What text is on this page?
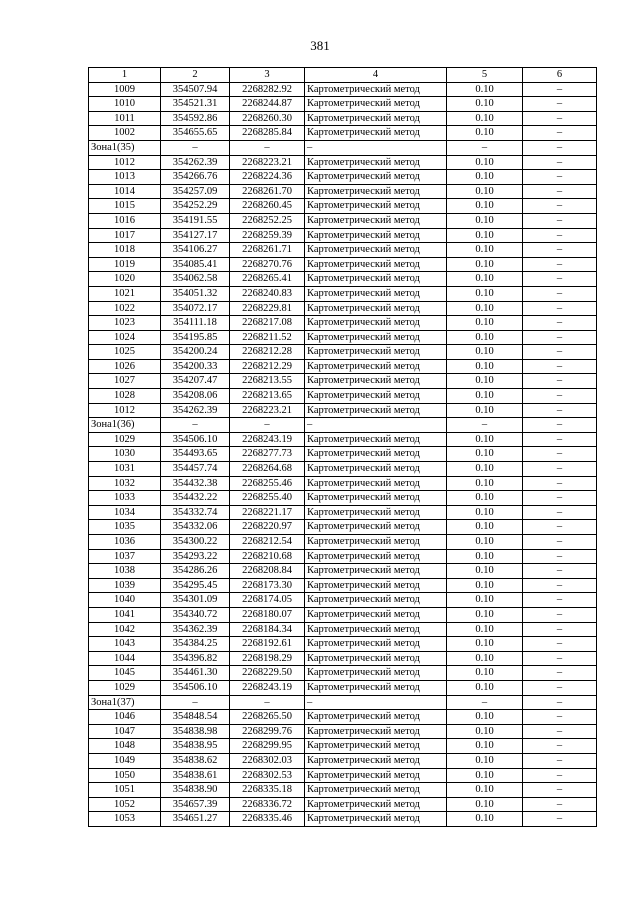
381
1	2	3	4	5	6
1009	354507.94	2268282.92	Картометрический метод	0.10	–
1010	354521.31	2268244.87	Картометрический метод	0.10	–
1011	354592.86	2268260.30	Картометрический метод	0.10	–
1002	354655.65	2268285.84	Картометрический метод	0.10	–
Зона1(35)	–	–	–	–	–
1012	354262.39	2268223.21	Картометрический метод	0.10	–
1013	354266.76	2268224.36	Картометрический метод	0.10	–
1014	354257.09	2268261.70	Картометрический метод	0.10	–
1015	354252.29	2268260.45	Картометрический метод	0.10	–
1016	354191.55	2268252.25	Картометрический метод	0.10	–
1017	354127.17	2268259.39	Картометрический метод	0.10	–
1018	354106.27	2268261.71	Картометрический метод	0.10	–
1019	354085.41	2268270.76	Картометрический метод	0.10	–
1020	354062.58	2268265.41	Картометрический метод	0.10	–
1021	354051.32	2268240.83	Картометрический метод	0.10	–
1022	354072.17	2268229.81	Картометрический метод	0.10	–
1023	354111.18	2268217.08	Картометрический метод	0.10	–
1024	354195.85	2268211.52	Картометрический метод	0.10	–
1025	354200.24	2268212.28	Картометрический метод	0.10	–
1026	354200.33	2268212.29	Картометрический метод	0.10	–
1027	354207.47	2268213.55	Картометрический метод	0.10	–
1028	354208.06	2268213.65	Картометрический метод	0.10	–
1012	354262.39	2268223.21	Картометрический метод	0.10	–
Зона1(36)	–	–	–	–	–
1029	354506.10	2268243.19	Картометрический метод	0.10	–
1030	354493.65	2268277.73	Картометрический метод	0.10	–
1031	354457.74	2268264.68	Картометрический метод	0.10	–
1032	354432.38	2268255.46	Картометрический метод	0.10	–
1033	354432.22	2268255.40	Картометрический метод	0.10	–
1034	354332.74	2268221.17	Картометрический метод	0.10	–
1035	354332.06	2268220.97	Картометрический метод	0.10	–
1036	354300.22	2268212.54	Картометрический метод	0.10	–
1037	354293.22	2268210.68	Картометрический метод	0.10	–
1038	354286.26	2268208.84	Картометрический метод	0.10	–
1039	354295.45	2268173.30	Картометрический метод	0.10	–
1040	354301.09	2268174.05	Картометрический метод	0.10	–
1041	354340.72	2268180.07	Картометрический метод	0.10	–
1042	354362.39	2268184.34	Картометрический метод	0.10	–
1043	354384.25	2268192.61	Картометрический метод	0.10	–
1044	354396.82	2268198.29	Картометрический метод	0.10	–
1045	354461.30	2268229.50	Картометрический метод	0.10	–
1029	354506.10	2268243.19	Картометрический метод	0.10	–
Зона1(37)	–	–	–	–	–
1046	354848.54	2268265.50	Картометрический метод	0.10	–
1047	354838.98	2268299.76	Картометрический метод	0.10	–
1048	354838.95	2268299.95	Картометрический метод	0.10	–
1049	354838.62	2268302.03	Картометрический метод	0.10	–
1050	354838.61	2268302.53	Картометрический метод	0.10	–
1051	354838.90	2268335.18	Картометрический метод	0.10	–
1052	354657.39	2268336.72	Картометрический метод	0.10	–
1053	354651.27	2268335.46	Картометрический метод	0.10	–
